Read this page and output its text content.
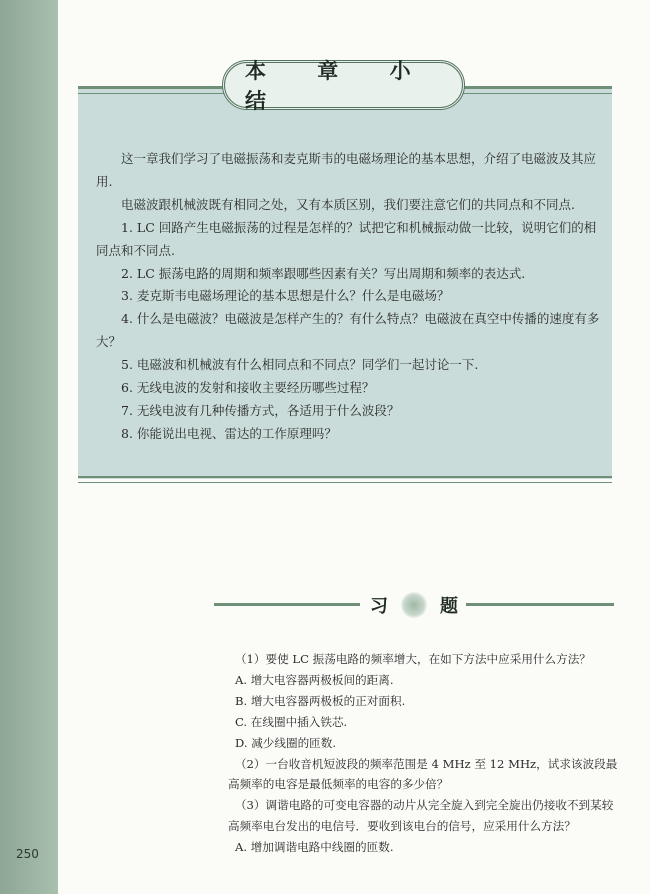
250
本 章 小 结

这一章我们学习了电磁振荡和麦克斯韦的电磁场理论的基本思想，介绍了电磁波及其应用.

电磁波跟机械波既有相同之处，又有本质区别，我们要注意它们的共同点和不同点.

1. LC 回路产生电磁振荡的过程是怎样的？试把它和机械振动做一比较，说明它们的相同点和不同点.

2. LC 振荡电路的周期和频率跟哪些因素有关？写出周期和频率的表达式.

3. 麦克斯韦电磁场理论的基本思想是什么？什么是电磁场？

4. 什么是电磁波？电磁波是怎样产生的？有什么特点？电磁波在真空中传播的速度有多大？

5. 电磁波和机械波有什么相同点和不同点？同学们一起讨论一下.

6. 无线电波的发射和接收主要经历哪些过程？

7. 无线电波有几种传播方式，各适用于什么波段？

8. 你能说出电视、雷达的工作原理吗？

习	题

（1）要使 LC 振荡电路的频率增大，在如下方法中应采用什么方法？

A. 增大电容器两极板间的距离.

B. 增大电容器两极板的正对面积.

C. 在线圈中插入铁芯.

D. 减少线圈的匝数.

（2）一台收音机短波段的频率范围是 4 MHz 至 12 MHz，试求该波段最高频率的电容是最低频率的电容的多少倍？

（3）调谐电路的可变电容器的动片从完全旋入到完全旋出仍接收不到某较高频率电台发出的电信号．要收到该电台的信号，应采用什么方法？

A. 增加调谐电路中线圈的匝数.
